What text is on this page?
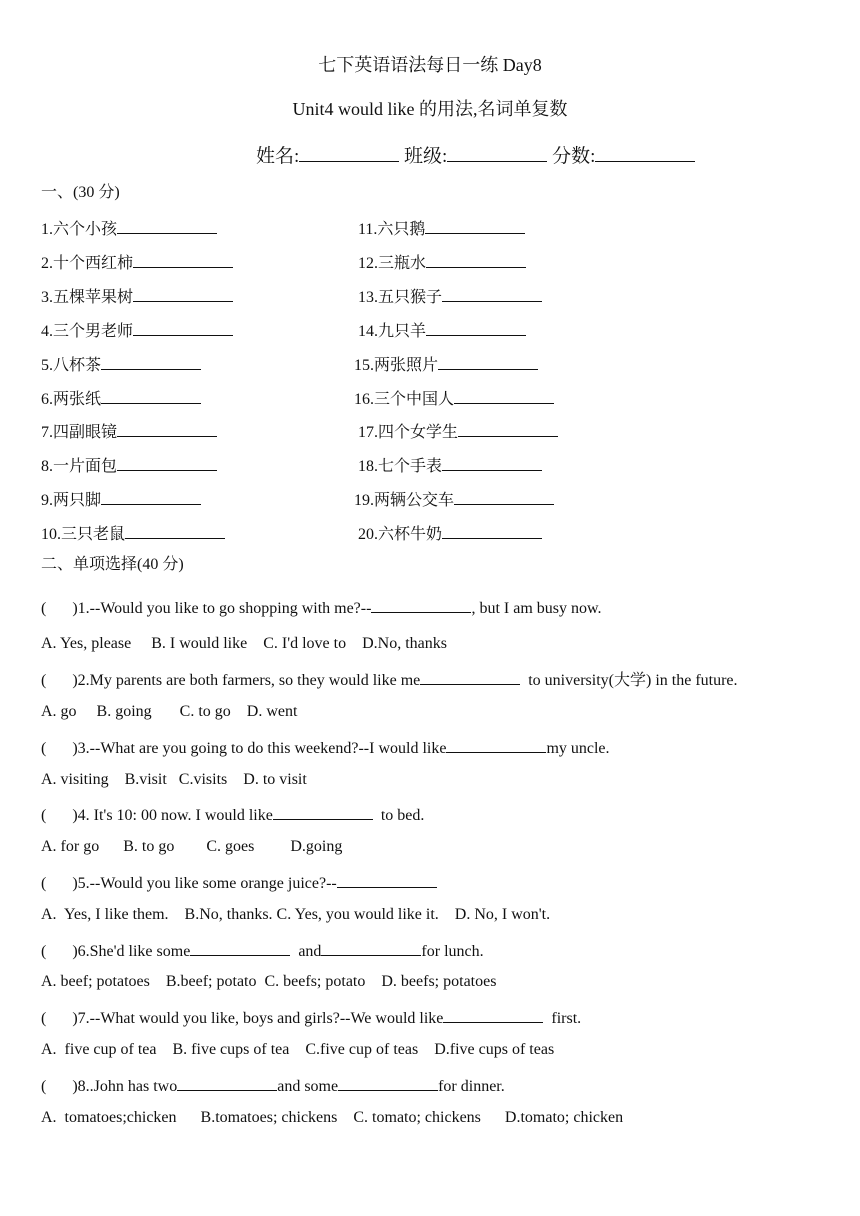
七下英语语法每日一练 Day8
Unit4 would like 的用法,名词单复数
姓名:	班级:	分数:
一、(30 分)
1.六个小孩
2.十个西红柿
3.五棵苹果树
4.三个男老师
5.八杯茶
6.两张纸
7.四副眼镜
8.一片面包
9.两只脚
10.三只老鼠
11.六只鹅
12.三瓶水
13.五只猴子
14.九只羊
15.两张照片
16.三个中国人
17.四个女学生
18.七个手表
19.两辆公交车
20.六杯牛奶
二、单项选择(40 分)
( )1.--Would you like to go shopping with me?--	, but I am busy now.
A. Yes, please     B. I would like    C. I'd love to    D.No, thanks
( )2.My parents are both farmers, so they would like me	to university(大学) in the future.
A. go     B. going       C. to go    D. went
( )3.--What are you going to do this weekend?--I would like	my uncle.
A. visiting    B.visit   C.visits    D. to visit
( )4. It's 10: 00 now. I would like	to bed.
A. for go      B. to go        C. goes         D.going
( )5.--Would you like some orange juice?--
A.  Yes, I like them.    B.No, thanks. C. Yes, you would like it.    D. No, I won't.
( )6.She'd like some	and	for lunch.
A. beef; potatoes    B.beef; potato  C. beefs; potato    D. beefs; potatoes
( )7.--What would you like, boys and girls?--We would like	first.
A.  five cup of tea    B. five cups of tea    C.five cup of teas    D.five cups of teas
( )8..John has two	and some	for dinner.
A.  tomatoes;chicken      B.tomatoes; chickens    C. tomato; chickens      D.tomato; chicken
